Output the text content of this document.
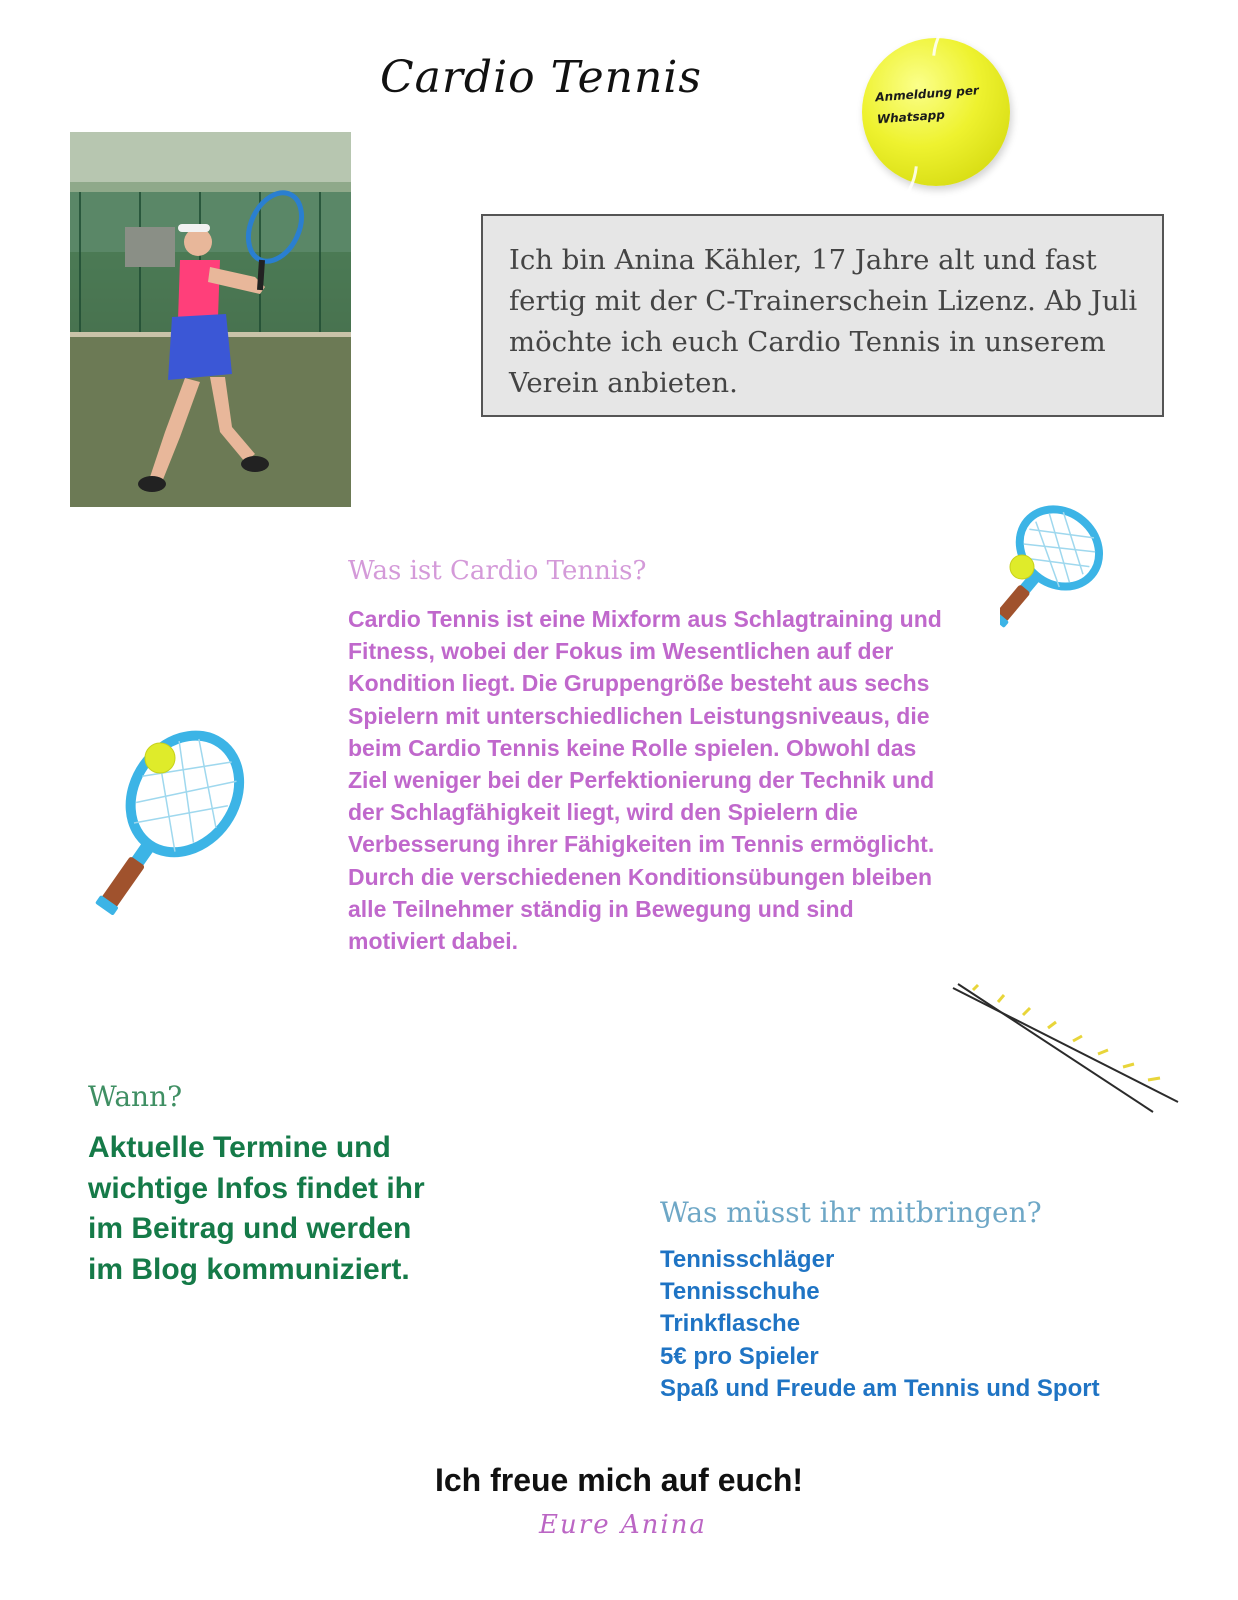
Cardio Tennis	Anmeldung per Whatsapp
Ich bin Anina Kähler, 17 Jahre alt und fast fertig mit der C-Trainerschein Lizenz. Ab Juli möchte ich euch Cardio Tennis in unserem Verein anbieten.
Was ist Cardio Tennis?
Cardio Tennis ist eine Mixform aus Schlagtraining und Fitness, wobei der Fokus im Wesentlichen auf der Kondition liegt. Die Gruppengröße besteht aus sechs Spielern mit unterschiedlichen Leistungsniveaus, die beim Cardio Tennis keine Rolle spielen. Obwohl das Ziel weniger bei der Perfektionierung der Technik und der Schlagfähigkeit liegt, wird den Spielern die Verbesserung ihrer Fähigkeiten im Tennis ermöglicht. Durch die verschiedenen Konditionsübungen bleiben alle Teilnehmer ständig in Bewegung und sind motiviert dabei.
Wann?
Aktuelle Termine und wichtige Infos findet ihr im Beitrag und werden im Blog kommuniziert.
Was müsst ihr mitbringen?
Tennisschläger
Tennisschuhe
Trinkflasche
5€ pro Spieler
Spaß und Freude am Tennis und Sport
Ich freue mich auf euch!
Eure Anina
